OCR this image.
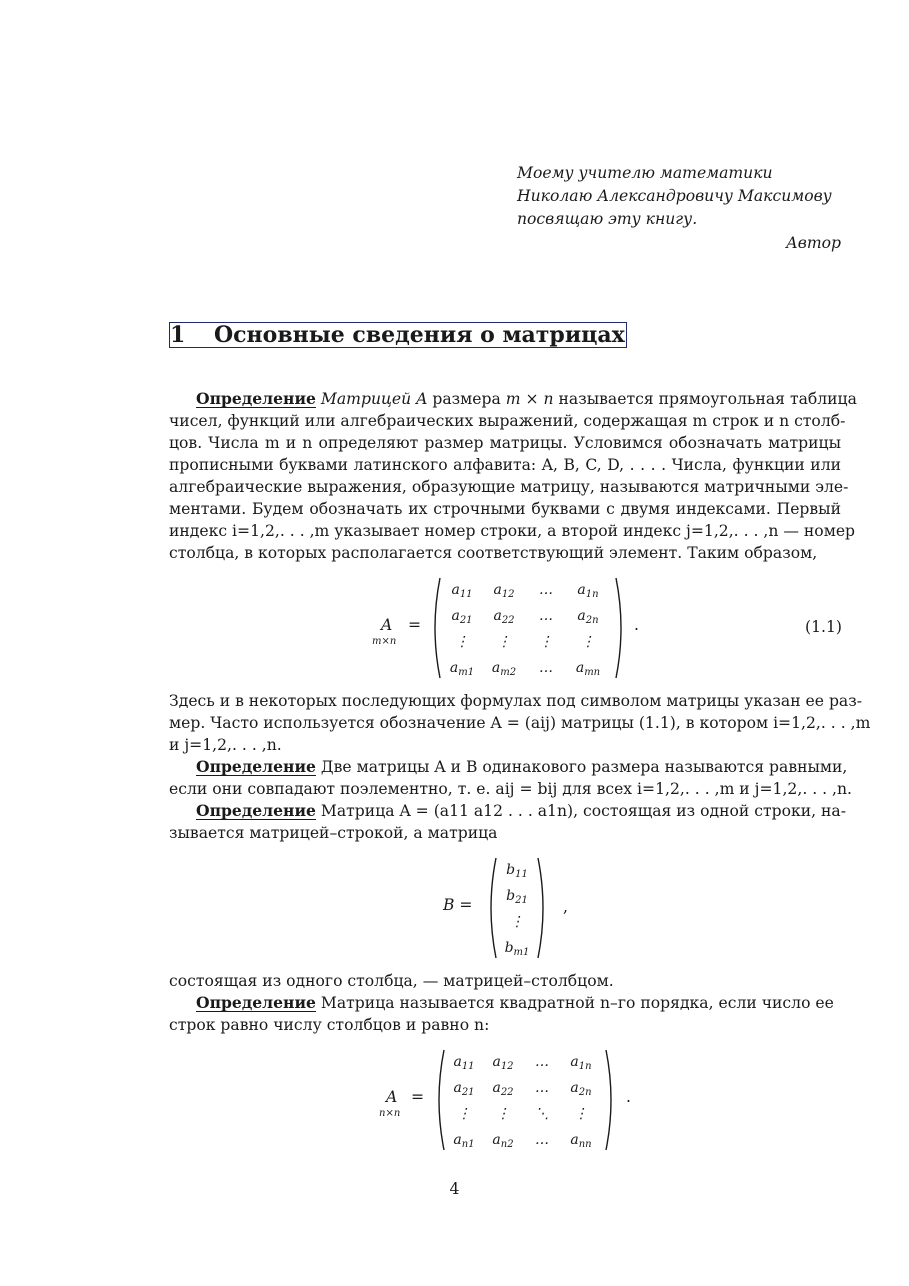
Моему учителю математики
Николаю Александровичу Максимову
посвящаю эту книгу.
Автор
1 Основные сведения о матрицах
Определение Матрицей A размера m × n называется прямоугольная таблица
чисел, функций или алгебраических выражений, содержащая m строк и n столб-
цов. Числа m и n определяют размер матрицы. Условимся обозначать матрицы
прописными буквами латинского алфавита: A, B, C, D, . . . . Числа, функции или
алгебраические выражения, образующие матрицу, называются матричными эле-
ментами. Будем обозначать их строчными буквами с двумя индексами. Первый
индекс i=1,2,. . . ,m указывает номер строки, а второй индекс j=1,2,. . . ,n — номер
столбца, в которых располагается соответствующий элемент. Таким образом,
A
m×n
=
$a_{11}$	$a_{12}$	…	$a_{1n}$
$a_{21}$	$a_{22}$	…	$a_{2n}$
⋮	⋮	⋮	⋮
$a_{m1}$	$a_{m2}$	…	$a_{mn}$
.	(1.1)
Здесь и в некоторых последующих формулах под символом матрицы указан ее раз-
мер. Часто используется обозначение A = (aij) матрицы (1.1), в котором i=1,2,. . . ,m
и j=1,2,. . . ,n.
Определение Две матрицы A и B одинакового размера называются равными,
если они совпадают поэлементно, т. е. aij = bij для всех i=1,2,. . . ,m и j=1,2,. . . ,n.
Определение Матрица A = (a11 a12 . . . a1n), состоящая из одной строки, на-
зывается матрицей–строкой, а матрица
B =
$b_{11}$
$b_{21}$
⋮
$b_{m1}$
,
состоящая из одного столбца, — матрицей–столбцом.
Определение Матрица называется квадратной n–го порядка, если число ее
строк равно числу столбцов и равно n:
A
n×n
=
$a_{11}$	$a_{12}$	…	$a_{1n}$
$a_{21}$	$a_{22}$	…	$a_{2n}$
⋮	⋮	⋱	⋮
$a_{n1}$	$a_{n2}$	…	$a_{nn}$
.
4
